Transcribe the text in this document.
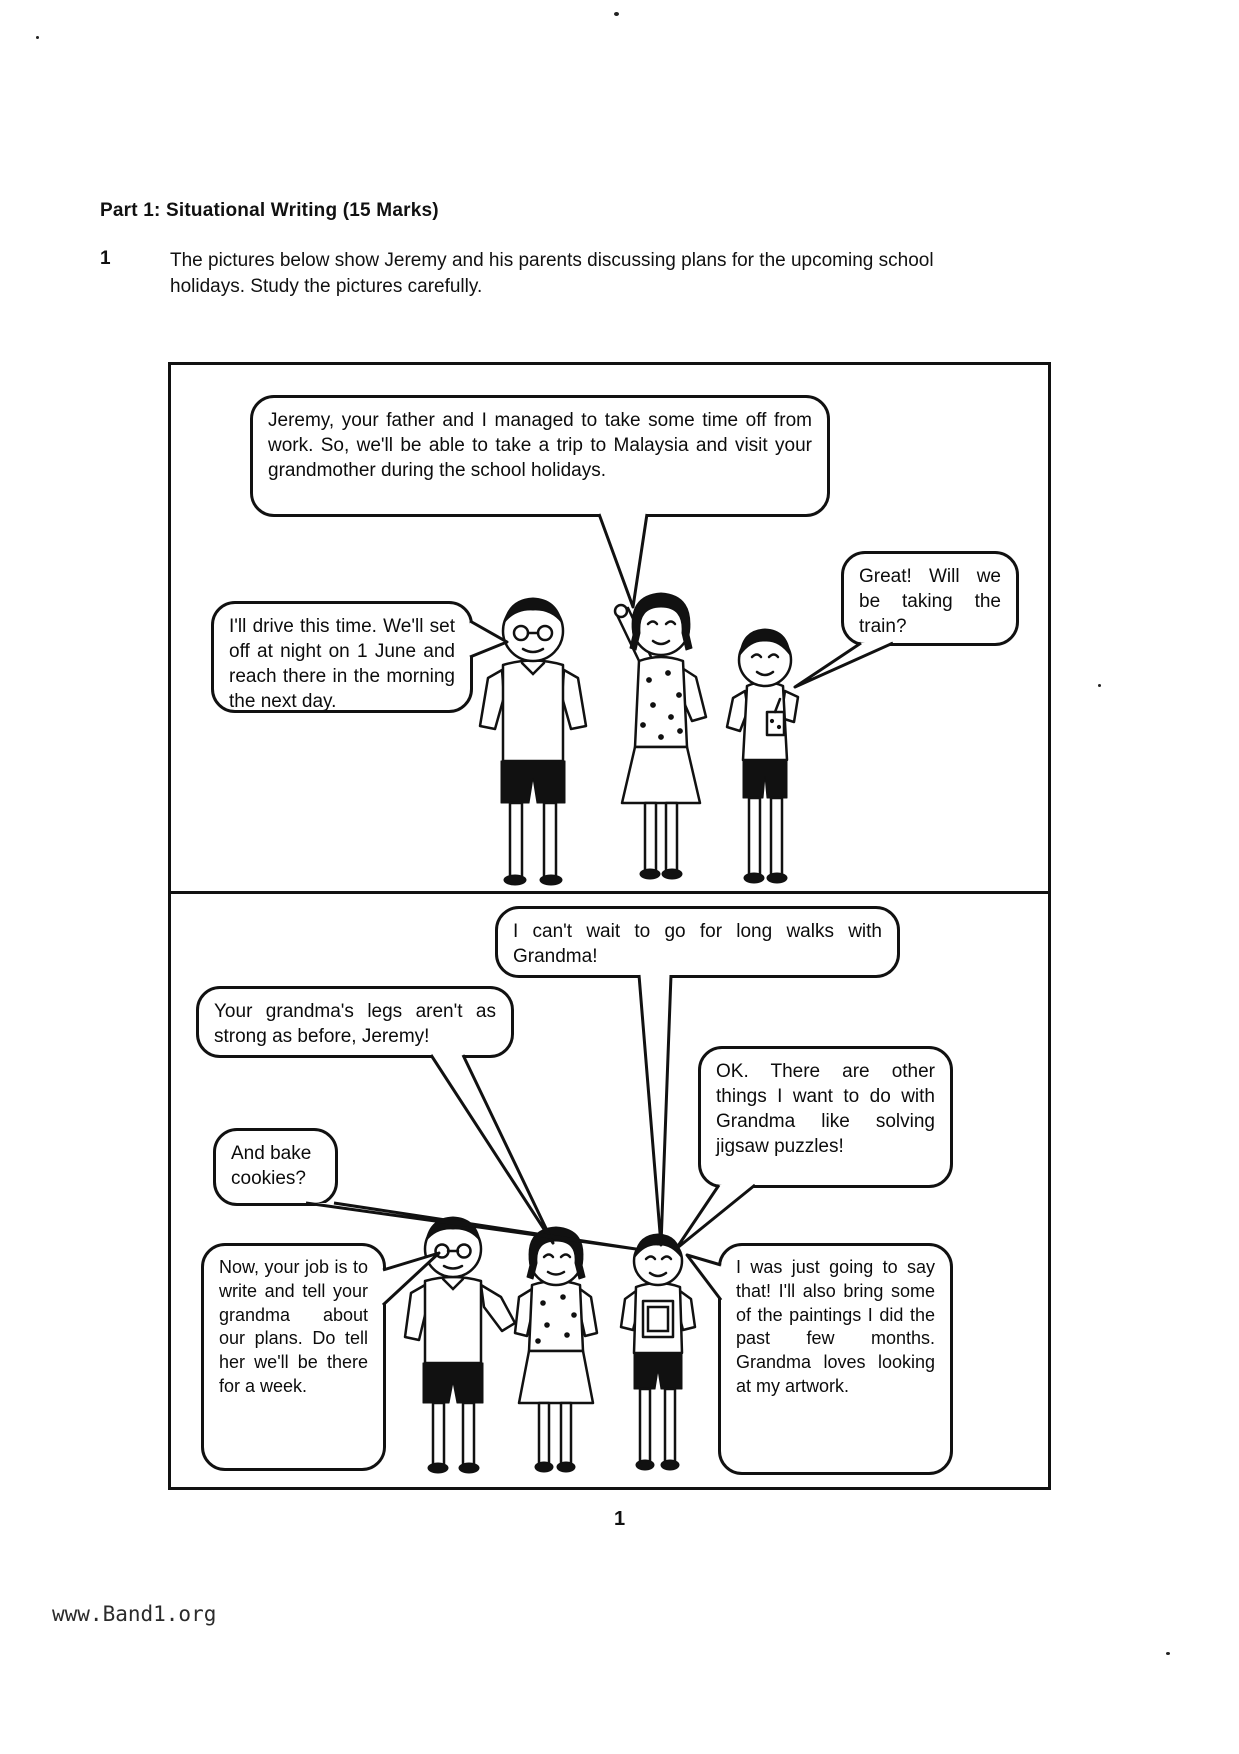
Part 1: Situational Writing (15 Marks)
1	The pictures below show Jeremy and his parents discussing plans for the upcoming school holidays. Study the pictures carefully.
Jeremy, your father and I managed to take some time off from work. So, we'll be able to take a trip to Malaysia and visit your grandmother during the school holidays.
Great! Will we be taking the train?
I'll drive this time. We'll set off at night on 1 June and reach there in the morning the next day.
I can't wait to go for long walks with Grandma!
Your grandma's legs aren't as strong as before, Jeremy!
OK. There are other things I want to do with Grandma like solving jigsaw puzzles!
And bake cookies?
Now, your job is to write and tell your grandma about our plans. Do tell her we'll be there for a week.
I was just going to say that! I'll also bring some of the paintings I did the past few months. Grandma loves looking at my artwork.
1
www.Band1.org
